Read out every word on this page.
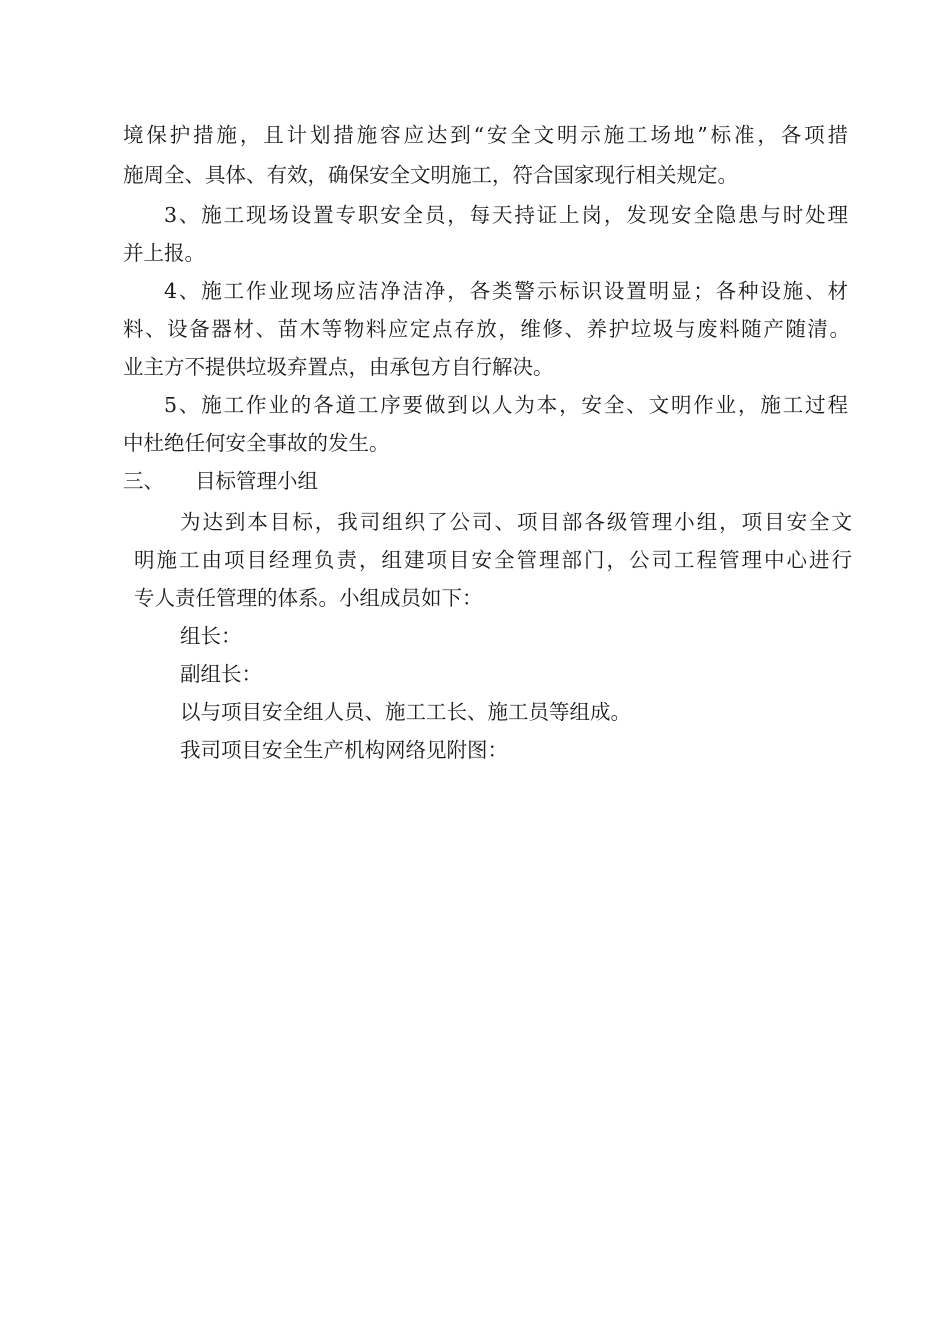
境保护措施，且计划措施容应达到“安全文明示施工场地”标准，各项措
施周全、具体、有效，确保安全文明施工，符合国家现行相关规定。
3、施工现场设置专职安全员，每天持证上岗，发现安全隐患与时处理
并上报。
4、施工作业现场应洁净洁净，各类警示标识设置明显；各种设施、材
料、设备器材、苗木等物料应定点存放，维修、养护垃圾与废料随产随清。
业主方不提供垃圾弃置点，由承包方自行解决。
5、施工作业的各道工序要做到以人为本，安全、文明作业，施工过程
中杜绝任何安全事故的发生。
三、 目标管理小组
为达到本目标，我司组织了公司、项目部各级管理小组，项目安全文
明施工由项目经理负责，组建项目安全管理部门，公司工程管理中心进行
专人责任管理的体系。小组成员如下：
组长：
副组长：
以与项目安全组人员、施工工长、施工员等组成。
我司项目安全生产机构网络见附图：
